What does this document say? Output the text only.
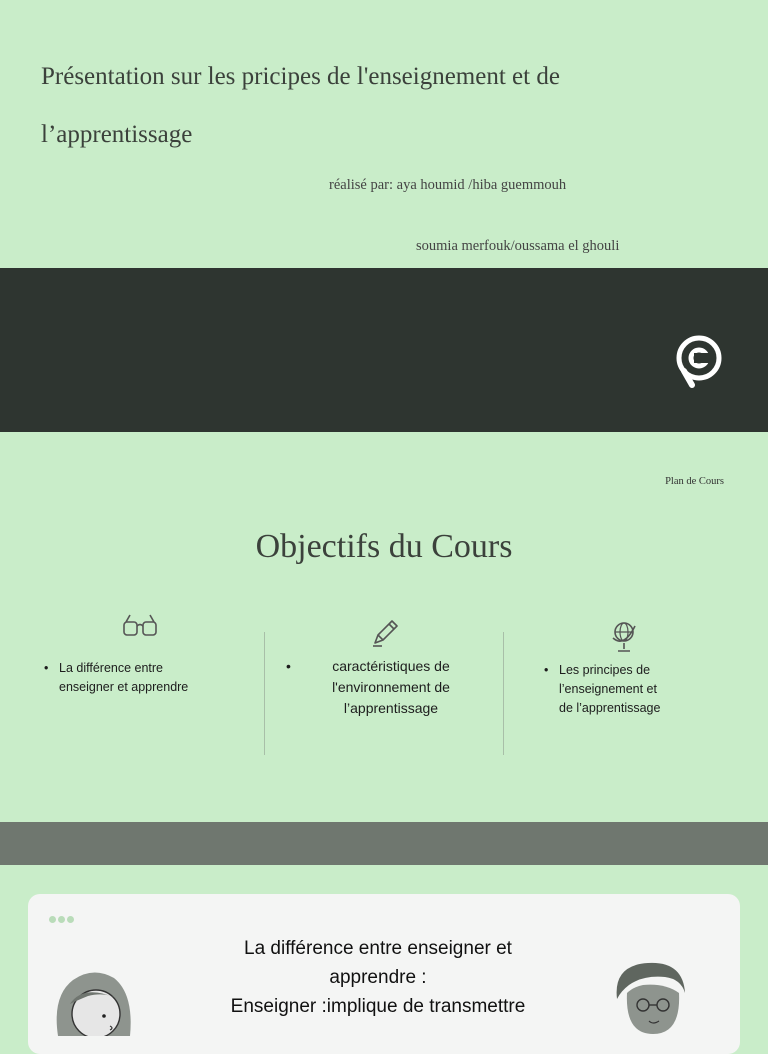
Présentation sur les pricipes de l'enseignement et de l’apprentissage
réalisé par: aya houmid /hiba guemmouh
soumia merfouk/oussama el ghouli
Plan de Cours
Objectifs du Cours
• La différence entre
enseigner et apprendre
•	caractéristiques de
l'environnement de
l’apprentissage
• Les principes de
l’enseignement et
de l’apprentissage
La différence entre enseigner et
apprendre :
Enseigner :implique de transmettre
